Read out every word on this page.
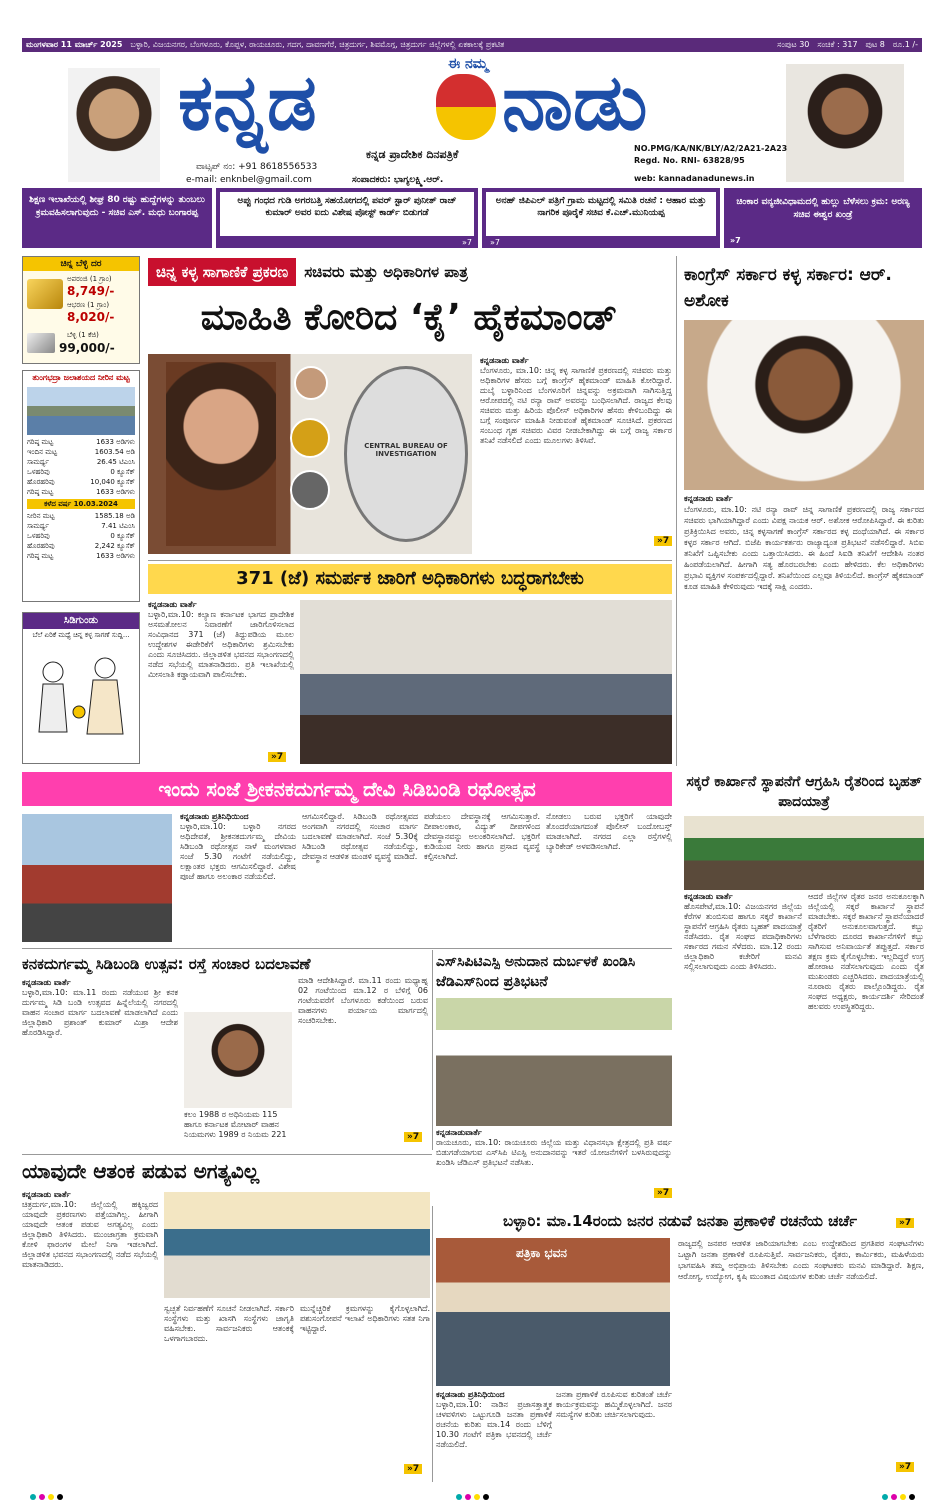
ಮಂಗಳವಾರ 11 ಮಾರ್ಚ್ 2025 ಬಳ್ಳಾರಿ, ವಿಜಯನಗರ, ಬೆಂಗಳೂರು, ಕೊಪ್ಪಳ, ರಾಯಚೂರು, ಗದಗ, ದಾವಣಗೆರೆ, ಚಿತ್ರದುರ್ಗ, ಶಿವಮೊಗ್ಗ, ಚಿತ್ರದುರ್ಗ ಜಿಲ್ಲೆಗಳಲ್ಲಿ ಏಕಕಾಲಕ್ಕೆ ಪ್ರಕಟಿತ	ಸಂಪುಟ 30 ಸಂಚಿಕೆ : 317 ಪುಟ 8 ರೂ.1 /-
ಕನ್ನಡ	ಈ ನಮ್ಮ ನಾಡು
ಕನ್ನಡ ಪ್ರಾದೇಶಿಕ ದಿನಪತ್ರಿಕೆ
ವಾಟ್ಸಪ್ ನಂ: +91 8618556533
e-mail: enknbel@gmail.com	ಸಂಪಾದಕರು: ಭಾಗ್ಯಲಕ್ಷ್ಮಿ.ಆರ್.
NO.PMG/KA/NK/BLY/A2/2A21-2A23
Regd. No. RNI- 63828/95
web: kannadanadunews.in
ಶಿಕ್ಷಣ ಇಲಾಖೆಯಲ್ಲಿ ಶೀಘ್ರ 80 ರಷ್ಟು ಹುದ್ದೆಗಳನ್ನು ತುಂಬಲು ಕ್ರಮವಹಿಸಲಾಗುವುದು - ಸಚಿವ ಎಸ್. ಮಧು ಬಂಗಾರಪ್ಪ
ಅಪ್ಪು ಗಂಧದ ಗುಡಿ ಅಗರಬತ್ತಿ ಸಹಯೋಗದಲ್ಲಿ ಪವರ್ ಸ್ಟಾರ್ ಪುನೀತ್ ರಾಜ್ ಕುಮಾರ್ ಅವರ ಐದು ವಿಶೇಷ ಪೋಸ್ಟ್ ಕಾರ್ಡ್ ಬಿಡುಗಡೆ
»7
ಅನಹ್ ಜಿಪಿಎಲ್ ಪತ್ರಿಗೆ ಗ್ರಾಮ ಮಟ್ಟದಲ್ಲಿ ಸಮಿತಿ ರಚನೆ : ಆಹಾರ ಮತ್ತು ನಾಗರಿಕ ಪೂರೈಕೆ ಸಚಿವ ಕೆ.ಎಚ್.ಮುನಿಯಪ್ಪ
»7
ಚಿಂಕಾರ ವನ್ಯಜೀವಿಧಾಮದಲ್ಲಿ ಹುಲ್ಲು ಬೆಳೆಸಲು ಕ್ರಮ: ಅರಣ್ಯ ಸಚಿವ ಈಶ್ವರ ಖಂಡ್ರೆ
»7
ಚಿನ್ನ ಬೆಳ್ಳಿ ದರ
ಅಪರಂಜಿ (1 ಗ್ರಾಂ)
8,749/-
ಆಭರಣ (1 ಗ್ರಾಂ)
8,020/-
ಬೆಳ್ಳಿ (1 ಕೆಜಿ)
99,000/-
ತುಂಗಭದ್ರಾ ಜಲಾಶಯದ ನೀರಿನ ಮಟ್ಟ
ಗರಿಷ್ಠ ಮಟ್ಟ	1633 ಅಡಿಗಳು
ಇಂದಿನ ಮಟ್ಟ	1603.54 ಅಡಿ
ಸಾಮರ್ಥ್ಯ	26.45 ಟಿಎಂಸಿ
ಒಳಹರಿವು	0 ಕ್ಯೂಸೆಕ್
ಹೊರಹರಿವು	10,040 ಕ್ಯೂಸೆಕ್
ಗರಿಷ್ಠ ಮಟ್ಟ	1633 ಅಡಿಗಳು
ಕಳೆದ ವರ್ಷ 10.03.2024
ನೀರಿನ ಮಟ್ಟ	1585.18 ಅಡಿ
ಸಾಮರ್ಥ್ಯ	7.41 ಟಿಎಂಸಿ
ಒಳಹರಿವು	0 ಕ್ಯೂಸೆಕ್
ಹೊರಹರಿವು	2,242 ಕ್ಯೂಸೆಕ್
ಗರಿಷ್ಠ ಮಟ್ಟ	1633 ಅಡಿಗಳು
ಸಿಡಿಗುಂಡು
ಬೆಲೆ ಏರಿಕೆ ಮಧ್ಯೆ ಚಿನ್ನ ಕಳ್ಳ ಸಾಗಣೆ ಸುದ್ದಿ...
ಚಿನ್ನ ಕಳ್ಳ ಸಾಗಾಣಿಕೆ ಪ್ರಕರಣ	ಸಚಿವರು ಮತ್ತು ಅಧಿಕಾರಿಗಳ ಪಾತ್ರ
ಮಾಹಿತಿ ಕೋರಿದ ‘ಕೈ’ ಹೈಕಮಾಂಡ್
CENTRAL BUREAU OF INVESTIGATION
ಕನ್ನಡನಾಡು ವಾರ್ತೆ
ಬೆಂಗಳೂರು, ಮಾ.10: ಚಿನ್ನ ಕಳ್ಳ ಸಾಗಾಣಿಕೆ ಪ್ರಕರಣದಲ್ಲಿ ಸಚಿವರು ಮತ್ತು ಅಧಿಕಾರಿಗಳ ಹೆಸರು ಬಗ್ಗೆ ಕಾಂಗ್ರೆಸ್ ಹೈಕಮಾಂಡ್ ಮಾಹಿತಿ ಕೋರಿದ್ದಾರೆ. ದುಬೈ ಬಳ್ಳಾರಿನಿಂದ ಬೆಂಗಳೂರಿಗೆ ಚಿನ್ನವನ್ನು ಅಕ್ರಮವಾಗಿ ಸಾಗಿಸುತ್ತಿದ್ದ ಆರೋಪದಲ್ಲಿ ನಟಿ ರನ್ಯಾ ರಾವ್ ಅವರನ್ನು ಬಂಧಿಸಲಾಗಿದೆ. ರಾಜ್ಯದ ಕೆಲವು ಸಚಿವರು ಮತ್ತು ಹಿರಿಯ ಪೊಲೀಸ್ ಅಧಿಕಾರಿಗಳ ಹೆಸರು ಕೇಳಿಬಂದಿದ್ದು ಈ ಬಗ್ಗೆ ಸಂಪೂರ್ಣ ಮಾಹಿತಿ ನೀಡುವಂತೆ ಹೈಕಮಾಂಡ್ ಸೂಚಿಸಿದೆ. ಪ್ರಕರಣದ ಸಂಬಂಧ ಗೃಹ ಸಚಿವರು ವಿವರ ನೀಡಬೇಕಾಗಿದ್ದು ಈ ಬಗ್ಗೆ ರಾಜ್ಯ ಸರ್ಕಾರ ತನಿಖೆ ನಡೆಸಲಿದೆ ಎಂದು ಮೂಲಗಳು ತಿಳಿಸಿವೆ.
»7
ಕಾಂಗ್ರೆಸ್ ಸರ್ಕಾರ ಕಳ್ಳ ಸರ್ಕಾರ: ಆರ್. ಅಶೋಕ
ಕನ್ನಡನಾಡು ವಾರ್ತೆ
ಬೆಂಗಳೂರು, ಮಾ.10: ನಟಿ ರನ್ಯಾ ರಾವ್ ಚಿನ್ನ ಸಾಗಾಣಿಕೆ ಪ್ರಕರಣದಲ್ಲಿ ರಾಜ್ಯ ಸರ್ಕಾರದ ಸಚಿವರು ಭಾಗಿಯಾಗಿದ್ದಾರೆ ಎಂದು ವಿಪಕ್ಷ ನಾಯಕ ಆರ್. ಅಶೋಕ ಆರೋಪಿಸಿದ್ದಾರೆ. ಈ ಕುರಿತು ಪ್ರತಿಕ್ರಿಯಿಸಿದ ಅವರು, ಚಿನ್ನ ಕಳ್ಳಸಾಗಣೆ ಕಾಂಗ್ರೆಸ್ ಸರ್ಕಾರದ ಕಳ್ಳ ದಂಧೆಯಾಗಿದೆ. ಈ ಸರ್ಕಾರ ಕಳ್ಳರ ಸರ್ಕಾರ ಆಗಿದೆ. ಬಿಜೆಪಿ ಕಾರ್ಯಕರ್ತರು ರಾಜ್ಯಾದ್ಯಂತ ಪ್ರತಿಭಟನೆ ನಡೆಸಲಿದ್ದಾರೆ. ಸಿಬಿಐ ತನಿಖೆಗೆ ಒಪ್ಪಿಸಬೇಕು ಎಂದು ಒತ್ತಾಯಿಸಿದರು. ಈ ಹಿಂದೆ ಸಿಐಡಿ ತನಿಖೆಗೆ ಆದೇಶಿಸಿ ನಂತರ ಹಿಂಪಡೆಯಲಾಗಿದೆ. ಹೀಗಾಗಿ ಸತ್ಯ ಹೊರಬರಬೇಕು ಎಂದು ಹೇಳಿದರು. ಕೆಲ ಅಧಿಕಾರಿಗಳು ಪ್ರಭಾವಿ ವ್ಯಕ್ತಿಗಳ ಸಂಪರ್ಕದಲ್ಲಿದ್ದಾರೆ. ತನಿಖೆಯಿಂದ ಎಲ್ಲವೂ ತಿಳಿಯಲಿದೆ. ಕಾಂಗ್ರೆಸ್ ಹೈಕಮಾಂಡ್ ಕೂಡ ಮಾಹಿತಿ ಕೇಳಿರುವುದು ಇದಕ್ಕೆ ಸಾಕ್ಷಿ ಎಂದರು.
371 (ಜೆ) ಸಮರ್ಪಕ ಜಾರಿಗೆ ಅಧಿಕಾರಿಗಳು ಬದ್ಧರಾಗಬೇಕು
ಕನ್ನಡನಾಡು ವಾರ್ತೆ
ಬಳ್ಳಾರಿ,ಮಾ.10: ಕಲ್ಯಾಣ ಕರ್ನಾಟಕ ಭಾಗದ ಪ್ರಾದೇಶಿಕ ಅಸಮತೋಲನ ನಿವಾರಣೆಗೆ ಜಾರಿಗೊಳಿಸಲಾದ ಸಂವಿಧಾನದ 371 (ಜೆ) ತಿದ್ದುಪಡಿಯ ಮೂಲ ಉದ್ದೇಶಗಳ ಈಡೇರಿಕೆಗೆ ಅಧಿಕಾರಿಗಳು ಶ್ರಮಿಸಬೇಕು ಎಂದು ಸೂಚಿಸಿದರು. ಜಿಲ್ಲಾಡಳಿತ ಭವನದ ಸಭಾಂಗಣದಲ್ಲಿ ನಡೆದ ಸಭೆಯಲ್ಲಿ ಮಾತನಾಡಿದರು. ಪ್ರತಿ ಇಲಾಖೆಯಲ್ಲಿ ಮೀಸಲಾತಿ ಕಡ್ಡಾಯವಾಗಿ ಪಾಲಿಸಬೇಕು.
»7
ಇಂದು ಸಂಜೆ ಶ್ರೀಕನಕದುರ್ಗಮ್ಮ ದೇವಿ ಸಿಡಿಬಂಡಿ ರಥೋತ್ಸವ
ಕನ್ನಡನಾಡು ಪ್ರತಿನಿಧಿಯಿಂದ
ಬಳ್ಳಾರಿ,ಮಾ.10: ಬಳ್ಳಾರಿ ನಗರದ ಅಧಿದೇವತೆ, ಶ್ರೀಕನಕದುರ್ಗಮ್ಮ ದೇವಿಯ ಸಿಡಿಬಂಡಿ ರಥೋತ್ಸವ ನಾಳೆ ಮಂಗಳವಾರ ಸಂಜೆ 5.30 ಗಂಟೆಗೆ ನಡೆಯಲಿದ್ದು, ಲಕ್ಷಾಂತರ ಭಕ್ತರು ಆಗಮಿಸಲಿದ್ದಾರೆ. ವಿಶೇಷ ಪೂಜೆ ಹಾಗೂ ಅಲಂಕಾರ ನಡೆಯಲಿದೆ.
ಆಗಮಿಸಲಿದ್ದಾರೆ. ಸಿಡಿಬಂಡಿ ರಥೋತ್ಸವದ ಅಂಗವಾಗಿ ನಗರದಲ್ಲಿ ಸಂಚಾರ ಮಾರ್ಗ ಬದಲಾವಣೆ ಮಾಡಲಾಗಿದೆ. ಸಂಜೆ 5.30ಕ್ಕೆ ಸಿಡಿಬಂಡಿ ರಥೋತ್ಸವ ನಡೆಯಲಿದ್ದು, ದೇವಸ್ಥಾನ ಆಡಳಿತ ಮಂಡಳಿ ವ್ಯವಸ್ಥೆ ಮಾಡಿದೆ.
ಪಡೆಯಲು ದೇವಸ್ಥಾನಕ್ಕೆ ಆಗಮಿಸುತ್ತಾರೆ. ದೀಪಾಲಂಕಾರ, ವಿದ್ಯುತ್ ದೀಪಗಳಿಂದ ದೇವಸ್ಥಾನವನ್ನು ಅಲಂಕರಿಸಲಾಗಿದೆ. ಭಕ್ತರಿಗೆ ಕುಡಿಯುವ ನೀರು ಹಾಗೂ ಪ್ರಸಾದ ವ್ಯವಸ್ಥೆ ಕಲ್ಪಿಸಲಾಗಿದೆ.
ನೋಡಲು ಬರುವ ಭಕ್ತರಿಗೆ ಯಾವುದೇ ತೊಂದರೆಯಾಗದಂತೆ ಪೊಲೀಸ್ ಬಂದೋಬಸ್ತ್ ಮಾಡಲಾಗಿದೆ. ನಗರದ ಎಲ್ಲಾ ರಸ್ತೆಗಳಲ್ಲಿ ಬ್ಯಾರಿಕೇಡ್ ಅಳವಡಿಸಲಾಗಿದೆ.
ಸಕ್ಕರೆ ಕಾರ್ಖಾನೆ ಸ್ಥಾಪನೆಗೆ ಆಗ್ರಹಿಸಿ ರೈತರಿಂದ ಬೃಹತ್ ಪಾದಯಾತ್ರೆ
ಕನ್ನಡನಾಡು ವಾರ್ತೆ
ಹೊಸಪೇಟೆ,ಮಾ.10: ವಿಜಯನಗರ ಜಿಲ್ಲೆಯ ಕೆರೆಗಳ ತುಂಬಿಸುವ ಹಾಗೂ ಸಕ್ಕರೆ ಕಾರ್ಖಾನೆ ಸ್ಥಾಪನೆಗೆ ಆಗ್ರಹಿಸಿ ರೈತರು ಬೃಹತ್ ಪಾದಯಾತ್ರೆ ನಡೆಸಿದರು. ರೈತ ಸಂಘದ ಪದಾಧಿಕಾರಿಗಳು ಸರ್ಕಾರದ ಗಮನ ಸೆಳೆದರು. ಮಾ.12 ರಂದು ಜಿಲ್ಲಾಧಿಕಾರಿ ಕಚೇರಿಗೆ ಮನವಿ ಸಲ್ಲಿಸಲಾಗುವುದು ಎಂದು ತಿಳಿಸಿದರು.
ಆದರೆ ಜಿಲ್ಲೆಗಳ ರೈತರ ಜನರ ಅನುಕೂಲಕ್ಕಾಗಿ ಜಿಲ್ಲೆಯಲ್ಲಿ ಸಕ್ಕರೆ ಕಾರ್ಖಾನೆ ಸ್ಥಾಪನೆ ಮಾಡಬೇಕು. ಸಕ್ಕರೆ ಕಾರ್ಖಾನೆ ಸ್ಥಾಪನೆಯಾದರೆ ರೈತರಿಗೆ ಅನುಕೂಲವಾಗುತ್ತದೆ. ಕಬ್ಬು ಬೆಳೆಗಾರರು ದೂರದ ಕಾರ್ಖಾನೆಗಳಿಗೆ ಕಬ್ಬು ಸಾಗಿಸುವ ಅನಿವಾರ್ಯತೆ ತಪ್ಪುತ್ತದೆ. ಸರ್ಕಾರ ತಕ್ಷಣ ಕ್ರಮ ಕೈಗೊಳ್ಳಬೇಕು. ಇಲ್ಲದಿದ್ದರೆ ಉಗ್ರ ಹೋರಾಟ ನಡೆಸಲಾಗುವುದು ಎಂದು ರೈತ ಮುಖಂಡರು ಎಚ್ಚರಿಸಿದರು. ಪಾದಯಾತ್ರೆಯಲ್ಲಿ ನೂರಾರು ರೈತರು ಪಾಲ್ಗೊಂಡಿದ್ದರು. ರೈತ ಸಂಘದ ಅಧ್ಯಕ್ಷರು, ಕಾರ್ಯದರ್ಶಿ ಸೇರಿದಂತೆ ಹಲವರು ಉಪಸ್ಥಿತರಿದ್ದರು.
»7
ಕನಕದುರ್ಗಮ್ಮ ಸಿಡಿಬಂಡಿ ಉತ್ಸವ: ರಸ್ತೆ ಸಂಚಾರ ಬದಲಾವಣೆ
ಕನ್ನಡನಾಡು ವಾರ್ತೆ
ಬಳ್ಳಾರಿ,ಮಾ.10: ಮಾ.11 ರಂದು ನಡೆಯುವ ಶ್ರೀ ಕನಕ ದುರ್ಗಮ್ಮ ಸಿಡಿ ಬಂಡಿ ಉತ್ಸವದ ಹಿನ್ನೆಲೆಯಲ್ಲಿ ನಗರದಲ್ಲಿ ವಾಹನ ಸಂಚಾರ ಮಾರ್ಗ ಬದಲಾವಣೆ ಮಾಡಲಾಗಿದೆ ಎಂದು ಜಿಲ್ಲಾಧಿಕಾರಿ ಪ್ರಶಾಂತ್ ಕುಮಾರ್ ಮಿಶ್ರಾ ಆದೇಶ ಹೊರಡಿಸಿದ್ದಾರೆ.
ಮಾಡಿ ಆದೇಶಿಸಿದ್ದಾರೆ. ಮಾ.11 ರಂದು ಮಧ್ಯಾಹ್ನ 02 ಗಂಟೆಯಿಂದ ಮಾ.12 ರ ಬೆಳಿಗ್ಗೆ 06 ಗಂಟೆಯವರೆಗೆ ಬೆಂಗಳೂರು ಕಡೆಯಿಂದ ಬರುವ ವಾಹನಗಳು ಪರ್ಯಾಯ ಮಾರ್ಗದಲ್ಲಿ ಸಂಚರಿಸಬೇಕು.
ಕಲಂ 1988 ರ ಅಧಿನಿಯಮ 115 ಹಾಗೂ ಕರ್ನಾಟಕ ಮೋಟಾರ್ ವಾಹನ ನಿಯಮಗಳು 1989 ರ ನಿಯಮ 221	»7
ಎಸ್‌ಸಿಪಿಟಿಎಸ್ಪಿ ಅನುದಾನ ದುರ್ಬಳಕೆ ಖಂಡಿಸಿ ಜೆಡಿಎಸ್‌ನಿಂದ ಪ್ರತಿಭಟನೆ
ಕನ್ನಡನಾಡುವಾರ್ತೆ
ರಾಯಚೂರು, ಮಾ.10: ರಾಯಚೂರು ಜಿಲ್ಲೆಯ ಮತ್ತು ವಿಧಾನಸಭಾ ಕ್ಷೇತ್ರದಲ್ಲಿ ಪ್ರತಿ ವರ್ಷ ಬಿಡುಗಡೆಯಾಗುವ ಎಸ್‌ಸಿಪಿ ಟಿಎಸ್ಪಿ ಅನುದಾನವನ್ನು ಇತರೆ ಯೋಜನೆಗಳಿಗೆ ಬಳಸಿರುವುದನ್ನು ಖಂಡಿಸಿ ಜೆಡಿಎಸ್ ಪ್ರತಿಭಟನೆ ನಡೆಸಿತು.
»7
ಯಾವುದೇ ಆತಂಕ ಪಡುವ ಅಗತ್ಯವಿಲ್ಲ
ಕನ್ನಡನಾಡು ವಾರ್ತೆ
ಚಿತ್ರದುರ್ಗ,ಮಾ.10: ಜಿಲ್ಲೆಯಲ್ಲಿ ಹಕ್ಕಿಜ್ವರದ ಯಾವುದೇ ಪ್ರಕರಣಗಳು ಪತ್ತೆಯಾಗಿಲ್ಲ. ಹೀಗಾಗಿ ಯಾವುದೇ ಆತಂಕ ಪಡುವ ಅಗತ್ಯವಿಲ್ಲ ಎಂದು ಜಿಲ್ಲಾಧಿಕಾರಿ ತಿಳಿಸಿದರು. ಮುಂಜಾಗ್ರತಾ ಕ್ರಮವಾಗಿ ಕೋಳಿ ಫಾರಂಗಳ ಮೇಲೆ ನಿಗಾ ಇಡಲಾಗಿದೆ. ಜಿಲ್ಲಾಡಳಿತ ಭವನದ ಸಭಾಂಗಣದಲ್ಲಿ ನಡೆದ ಸಭೆಯಲ್ಲಿ ಮಾತನಾಡಿದರು.
ಸ್ವಚ್ಛತೆ ನಿರ್ವಹಣೆಗೆ ಸೂಚನೆ ನೀಡಲಾಗಿದೆ. ಸರ್ಕಾರಿ ಸಂಸ್ಥೆಗಳು ಮತ್ತು ಖಾಸಗಿ ಸಂಸ್ಥೆಗಳು ಜಾಗೃತಿ ವಹಿಸಬೇಕು. ಸಾರ್ವಜನಿಕರು ಆತಂಕಕ್ಕೆ ಒಳಗಾಗಬಾರದು.
ಮುನ್ನೆಚ್ಚರಿಕೆ ಕ್ರಮಗಳನ್ನು ಕೈಗೊಳ್ಳಲಾಗಿದೆ. ಪಶುಸಂಗೋಪನೆ ಇಲಾಖೆ ಅಧಿಕಾರಿಗಳು ಸತತ ನಿಗಾ ಇಟ್ಟಿದ್ದಾರೆ.
»7
ಬಳ್ಳಾರಿ: ಮಾ.14ರಂದು ಜನರ ನಡುವೆ ಜನತಾ ಪ್ರಣಾಳಿಕೆ ರಚನೆಯ ಚರ್ಚೆ
ಪತ್ರಿಕಾ ಭವನ
ಕನ್ನಡನಾಡು ಪ್ರತಿನಿಧಿಯಿಂದ
ಬಳ್ಳಾರಿ,ಮಾ.10: ನಾಡಿನ ಪ್ರಜಾಸತ್ತಾತ್ಮಕ ಚಳವಳಿಗಳು ಒಟ್ಟುಗೂಡಿ ಜನತಾ ಪ್ರಣಾಳಿಕೆ ರಚನೆಯ ಕುರಿತು ಮಾ.14 ರಂದು ಬೆಳಿಗ್ಗೆ 10.30 ಗಂಟೆಗೆ ಪತ್ರಿಕಾ ಭವನದಲ್ಲಿ ಚರ್ಚೆ ನಡೆಯಲಿದೆ.
ಜನತಾ ಪ್ರಣಾಳಿಕೆ ರೂಪಿಸುವ ಕುರಿತಂತೆ ಚರ್ಚೆ ಕಾರ್ಯಕ್ರಮವನ್ನು ಹಮ್ಮಿಕೊಳ್ಳಲಾಗಿದೆ. ಜನರ ಸಮಸ್ಯೆಗಳ ಕುರಿತು ಚರ್ಚಿಸಲಾಗುವುದು.
ರಾಜ್ಯದಲ್ಲಿ ಜನಪರ ಆಡಳಿತ ಜಾರಿಯಾಗಬೇಕು ಎಂಬ ಉದ್ದೇಶದಿಂದ ಪ್ರಗತಿಪರ ಸಂಘಟನೆಗಳು ಒಟ್ಟಾಗಿ ಜನತಾ ಪ್ರಣಾಳಿಕೆ ರೂಪಿಸುತ್ತಿವೆ. ಸಾರ್ವಜನಿಕರು, ರೈತರು, ಕಾರ್ಮಿಕರು, ಮಹಿಳೆಯರು ಭಾಗವಹಿಸಿ ತಮ್ಮ ಅಭಿಪ್ರಾಯ ತಿಳಿಸಬೇಕು ಎಂದು ಸಂಘಟಕರು ಮನವಿ ಮಾಡಿದ್ದಾರೆ. ಶಿಕ್ಷಣ, ಆರೋಗ್ಯ, ಉದ್ಯೋಗ, ಕೃಷಿ ಮುಂತಾದ ವಿಷಯಗಳ ಕುರಿತು ಚರ್ಚೆ ನಡೆಯಲಿದೆ.
»7
